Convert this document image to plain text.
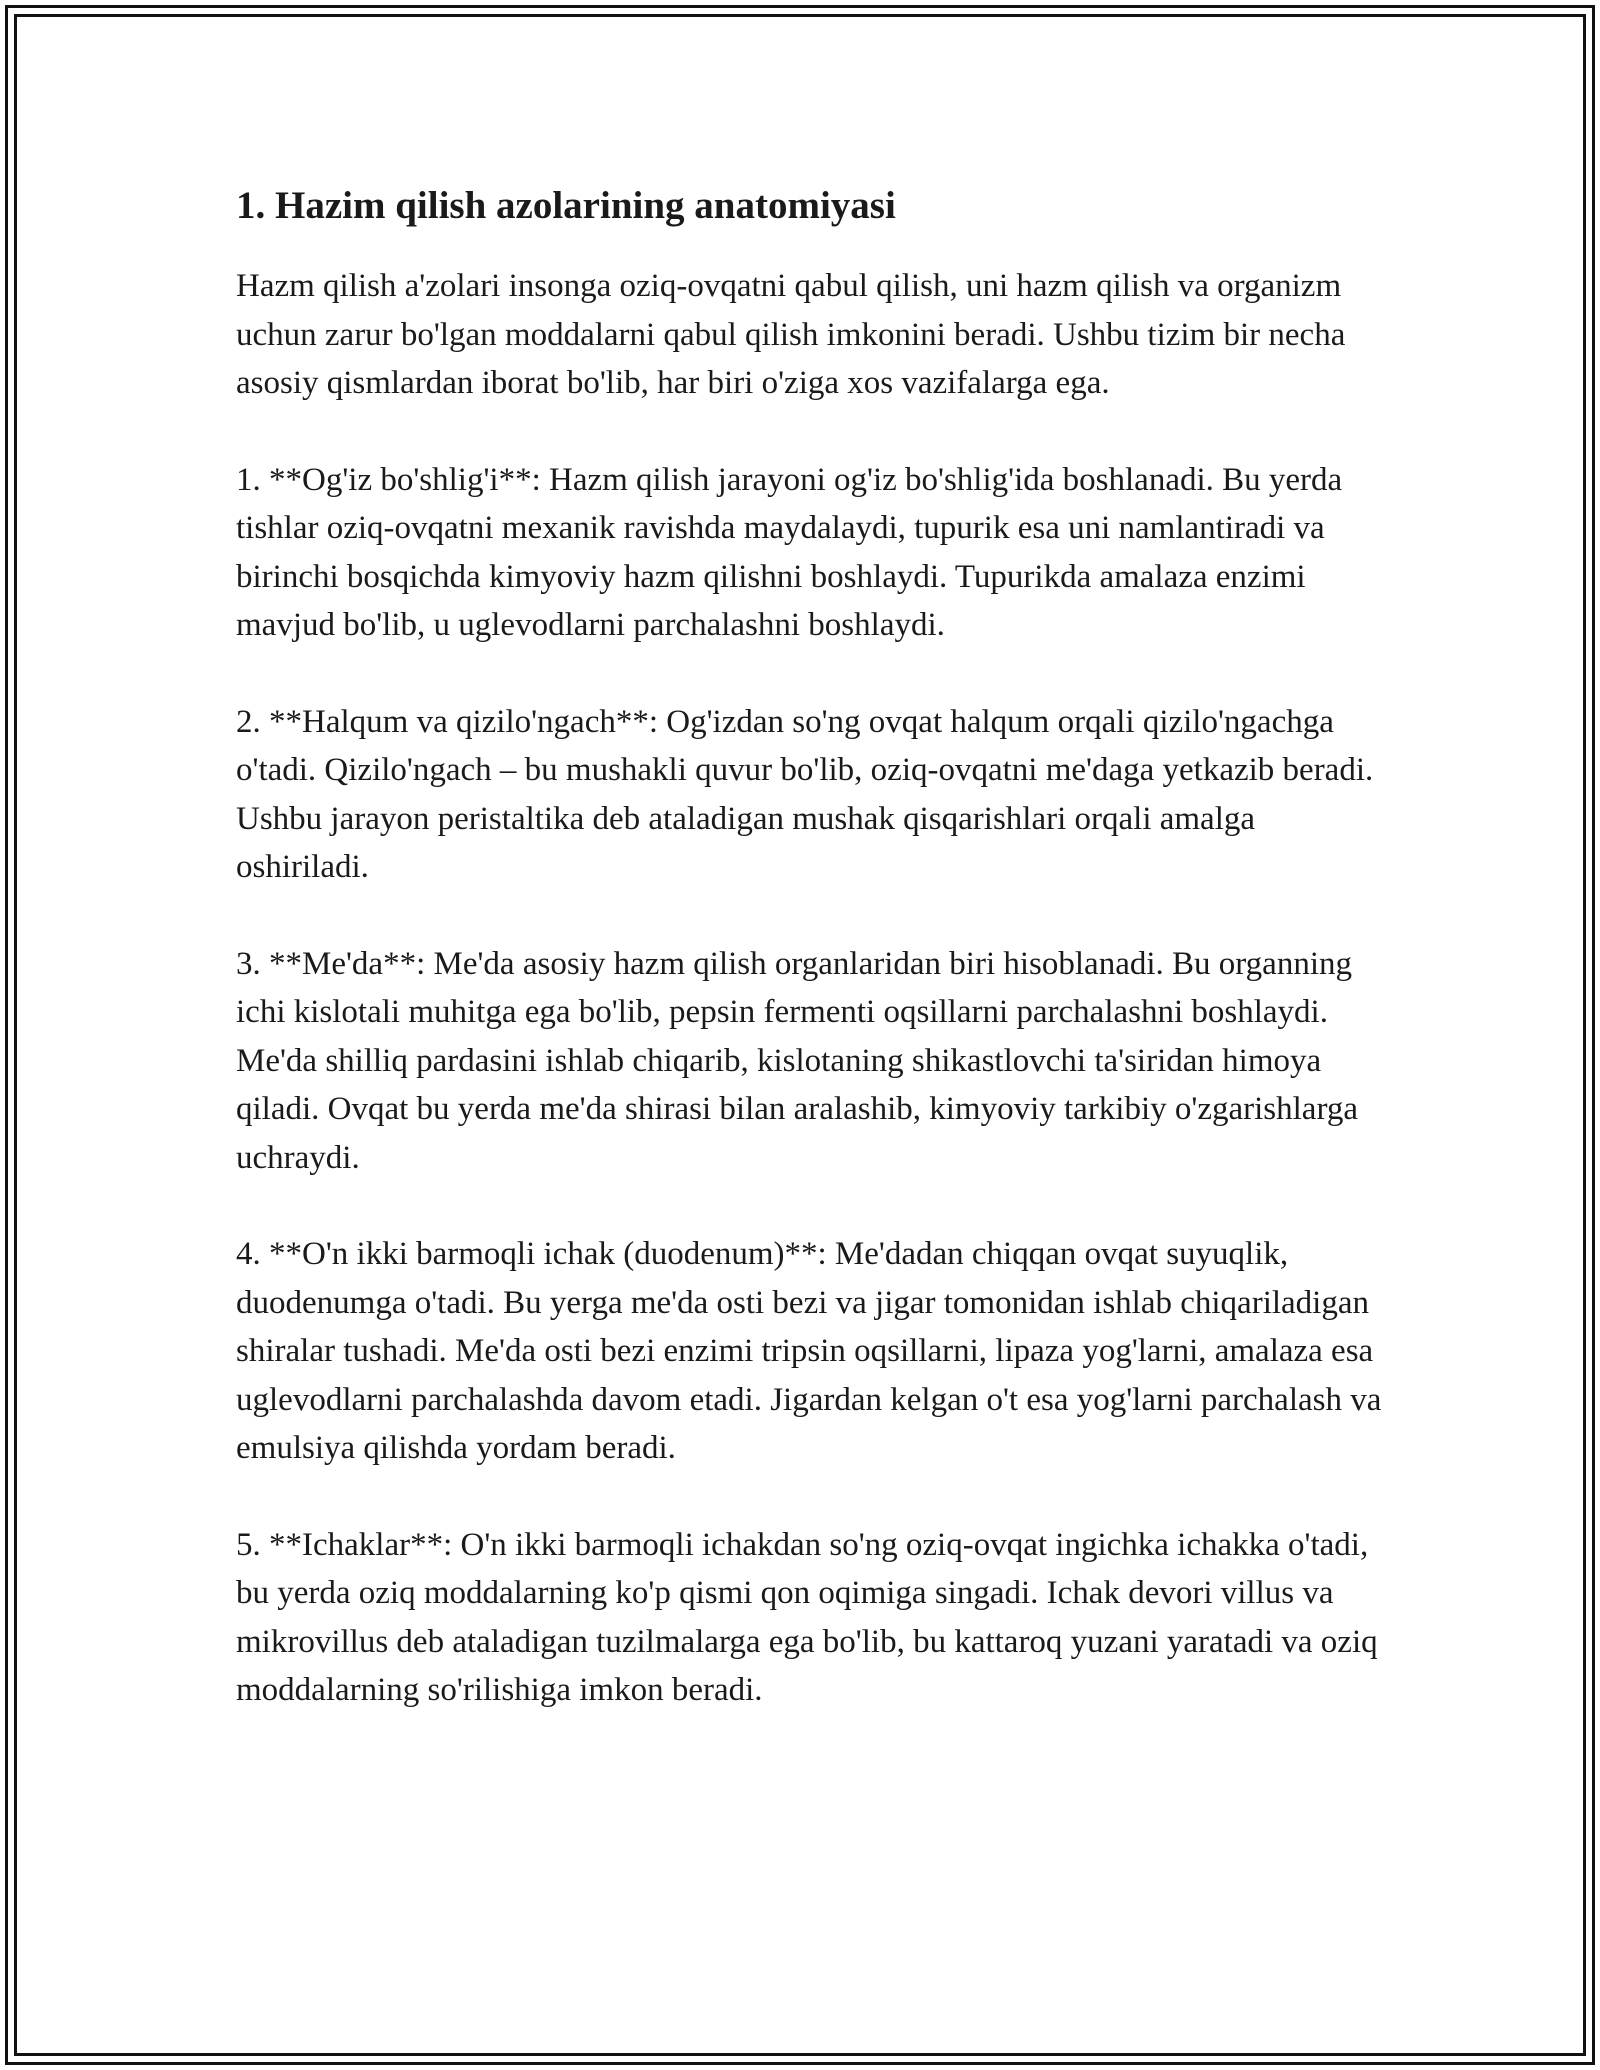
1. Hazim qilish azolarining anatomiyasi

Hazm qilish a'zolari insonga oziq-ovqatni qabul qilish, uni hazm qilish va organizm uchun zarur bo'lgan moddalarni qabul qilish imkonini beradi. Ushbu tizim bir necha asosiy qismlardan iborat bo'lib, har biri o'ziga xos vazifalarga ega.

1. **Og'iz bo'shlig'i**: Hazm qilish jarayoni og'iz bo'shlig'ida boshlanadi. Bu yerda tishlar oziq-ovqatni mexanik ravishda maydalaydi, tupurik esa uni namlantiradi va birinchi bosqichda kimyoviy hazm qilishni boshlaydi. Tupurikda amalaza enzimi mavjud bo'lib, u uglevodlarni parchalashni boshlaydi.

2. **Halqum va qizilo'ngach**: Og'izdan so'ng ovqat halqum orqali qizilo'ngachga o'tadi. Qizilo'ngach – bu mushakli quvur bo'lib, oziq-ovqatni me'daga yetkazib beradi. Ushbu jarayon peristaltika deb ataladigan mushak qisqarishlari orqali amalga oshiriladi.

3. **Me'da**: Me'da asosiy hazm qilish organlaridan biri hisoblanadi. Bu organning ichi kislotali muhitga ega bo'lib, pepsin fermenti oqsillarni parchalashni boshlaydi. Me'da shilliq pardasini ishlab chiqarib, kislotaning shikastlovchi ta'siridan himoya qiladi. Ovqat bu yerda me'da shirasi bilan aralashib, kimyoviy tarkibiy o'zgarishlarga uchraydi.

4. **O'n ikki barmoqli ichak (duodenum)**: Me'dadan chiqqan ovqat suyuqlik, duodenumga o'tadi. Bu yerga me'da osti bezi va jigar tomonidan ishlab chiqariladigan shiralar tushadi. Me'da osti bezi enzimi tripsin oqsillarni, lipaza yog'larni, amalaza esa uglevodlarni parchalashda davom etadi. Jigardan kelgan o't esa yog'larni parchalash va emulsiya qilishda yordam beradi.

5. **Ichaklar**: O'n ikki barmoqli ichakdan so'ng oziq-ovqat ingichka ichakka o'tadi, bu yerda oziq moddalarning ko'p qismi qon oqimiga singadi. Ichak devori villus va mikrovillus deb ataladigan tuzilmalarga ega bo'lib, bu kattaroq yuzani yaratadi va oziq moddalarning so'rilishiga imkon beradi.
